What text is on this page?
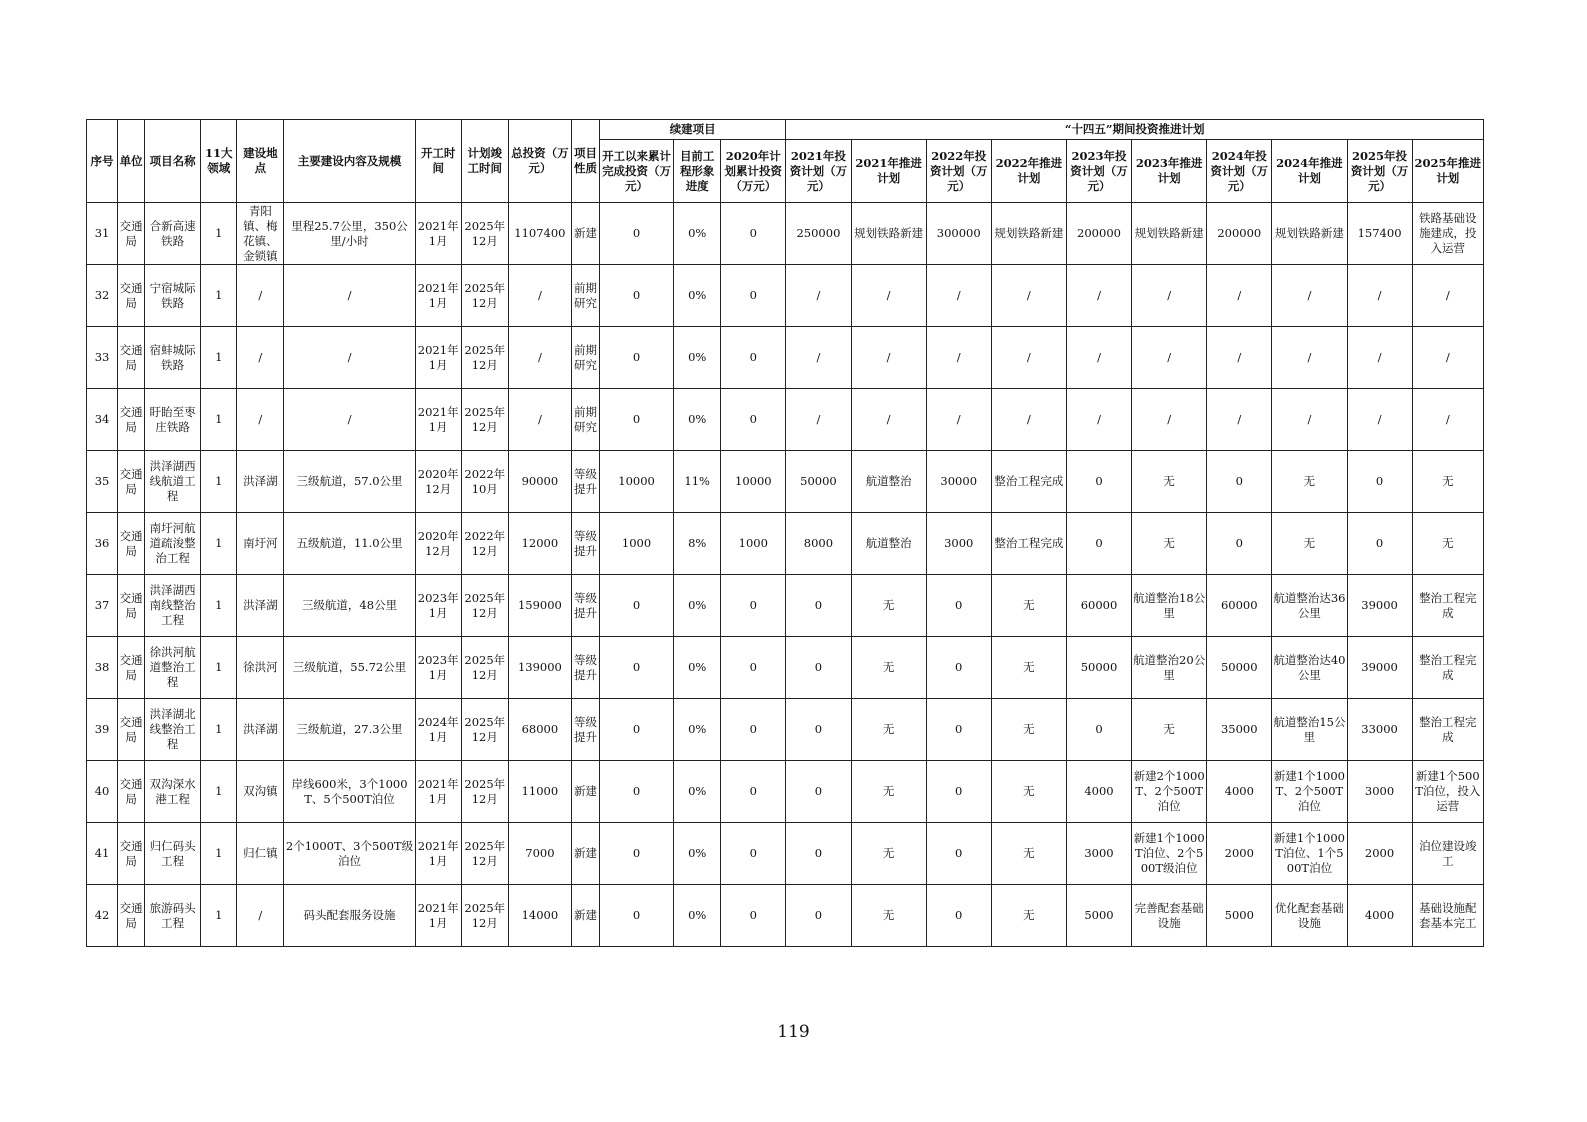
序号	单位	项目名称	11大领域	建设地点	主要建设内容及规模	开工时间	计划竣工时间	总投资（万元）	项目性质	续建项目			“十四五”期间投资推进计划									
										开工以来累计完成投资（万元）	目前工程形象进度	2020年计划累计投资（万元）	2021年投资计划（万元）	2021年推进计划	2022年投资计划（万元）	2022年推进计划	2023年投资计划（万元）	2023年推进计划	2024年投资计划（万元）	2024年推进计划	2025年投资计划（万元）	2025年推进计划
31	交通局	合新高速铁路	1	青阳镇、梅花镇、金锁镇	里程25.7公里，350公里/小时	2021年1月	2025年12月	1107400	新建	0	0%	0	250000	规划铁路新建	300000	规划铁路新建	200000	规划铁路新建	200000	规划铁路新建	157400	铁路基础设施建成，投入运营
32	交通局	宁宿城际铁路	1	/	/	2021年1月	2025年12月	/	前期研究	0	0%	0	/	/	/	/	/	/	/	/	/	/
33	交通局	宿蚌城际铁路	1	/	/	2021年1月	2025年12月	/	前期研究	0	0%	0	/	/	/	/	/	/	/	/	/	/
34	交通局	盱眙至枣庄铁路	1	/	/	2021年1月	2025年12月	/	前期研究	0	0%	0	/	/	/	/	/	/	/	/	/	/
35	交通局	洪泽湖西线航道工程	1	洪泽湖	三级航道，57.0公里	2020年12月	2022年10月	90000	等级提升	10000	11%	10000	50000	航道整治	30000	整治工程完成	0	无	0	无	0	无
36	交通局	南圩河航道疏浚整治工程	1	南圩河	五级航道，11.0公里	2020年12月	2022年12月	12000	等级提升	1000	8%	1000	8000	航道整治	3000	整治工程完成	0	无	0	无	0	无
37	交通局	洪泽湖西南线整治工程	1	洪泽湖	三级航道，48公里	2023年1月	2025年12月	159000	等级提升	0	0%	0	0	无	0	无	60000	航道整治18公里	60000	航道整治达36公里	39000	整治工程完成
38	交通局	徐洪河航道整治工程	1	徐洪河	三级航道，55.72公里	2023年1月	2025年12月	139000	等级提升	0	0%	0	0	无	0	无	50000	航道整治20公里	50000	航道整治达40公里	39000	整治工程完成
39	交通局	洪泽湖北线整治工程	1	洪泽湖	三级航道，27.3公里	2024年1月	2025年12月	68000	等级提升	0	0%	0	0	无	0	无	0	无	35000	航道整治15公里	33000	整治工程完成
40	交通局	双沟深水港工程	1	双沟镇	岸线600米，3个1000T、5个500T泊位	2021年1月	2025年12月	11000	新建	0	0%	0	0	无	0	无	4000	新建2个1000T、2个500T泊位	4000	新建1个1000T、2个500T泊位	3000	新建1个500T泊位，投入运营
41	交通局	归仁码头工程	1	归仁镇	2个1000T、3个500T级泊位	2021年1月	2025年12月	7000	新建	0	0%	0	0	无	0	无	3000	新建1个1000T泊位、2个500T级泊位	2000	新建1个1000T泊位、1个500T泊位	2000	泊位建设竣工
42	交通局	旅游码头工程	1	/	码头配套服务设施	2021年1月	2025年12月	14000	新建	0	0%	0	0	无	0	无	5000	完善配套基础设施	5000	优化配套基础设施	4000	基础设施配套基本完工
119
